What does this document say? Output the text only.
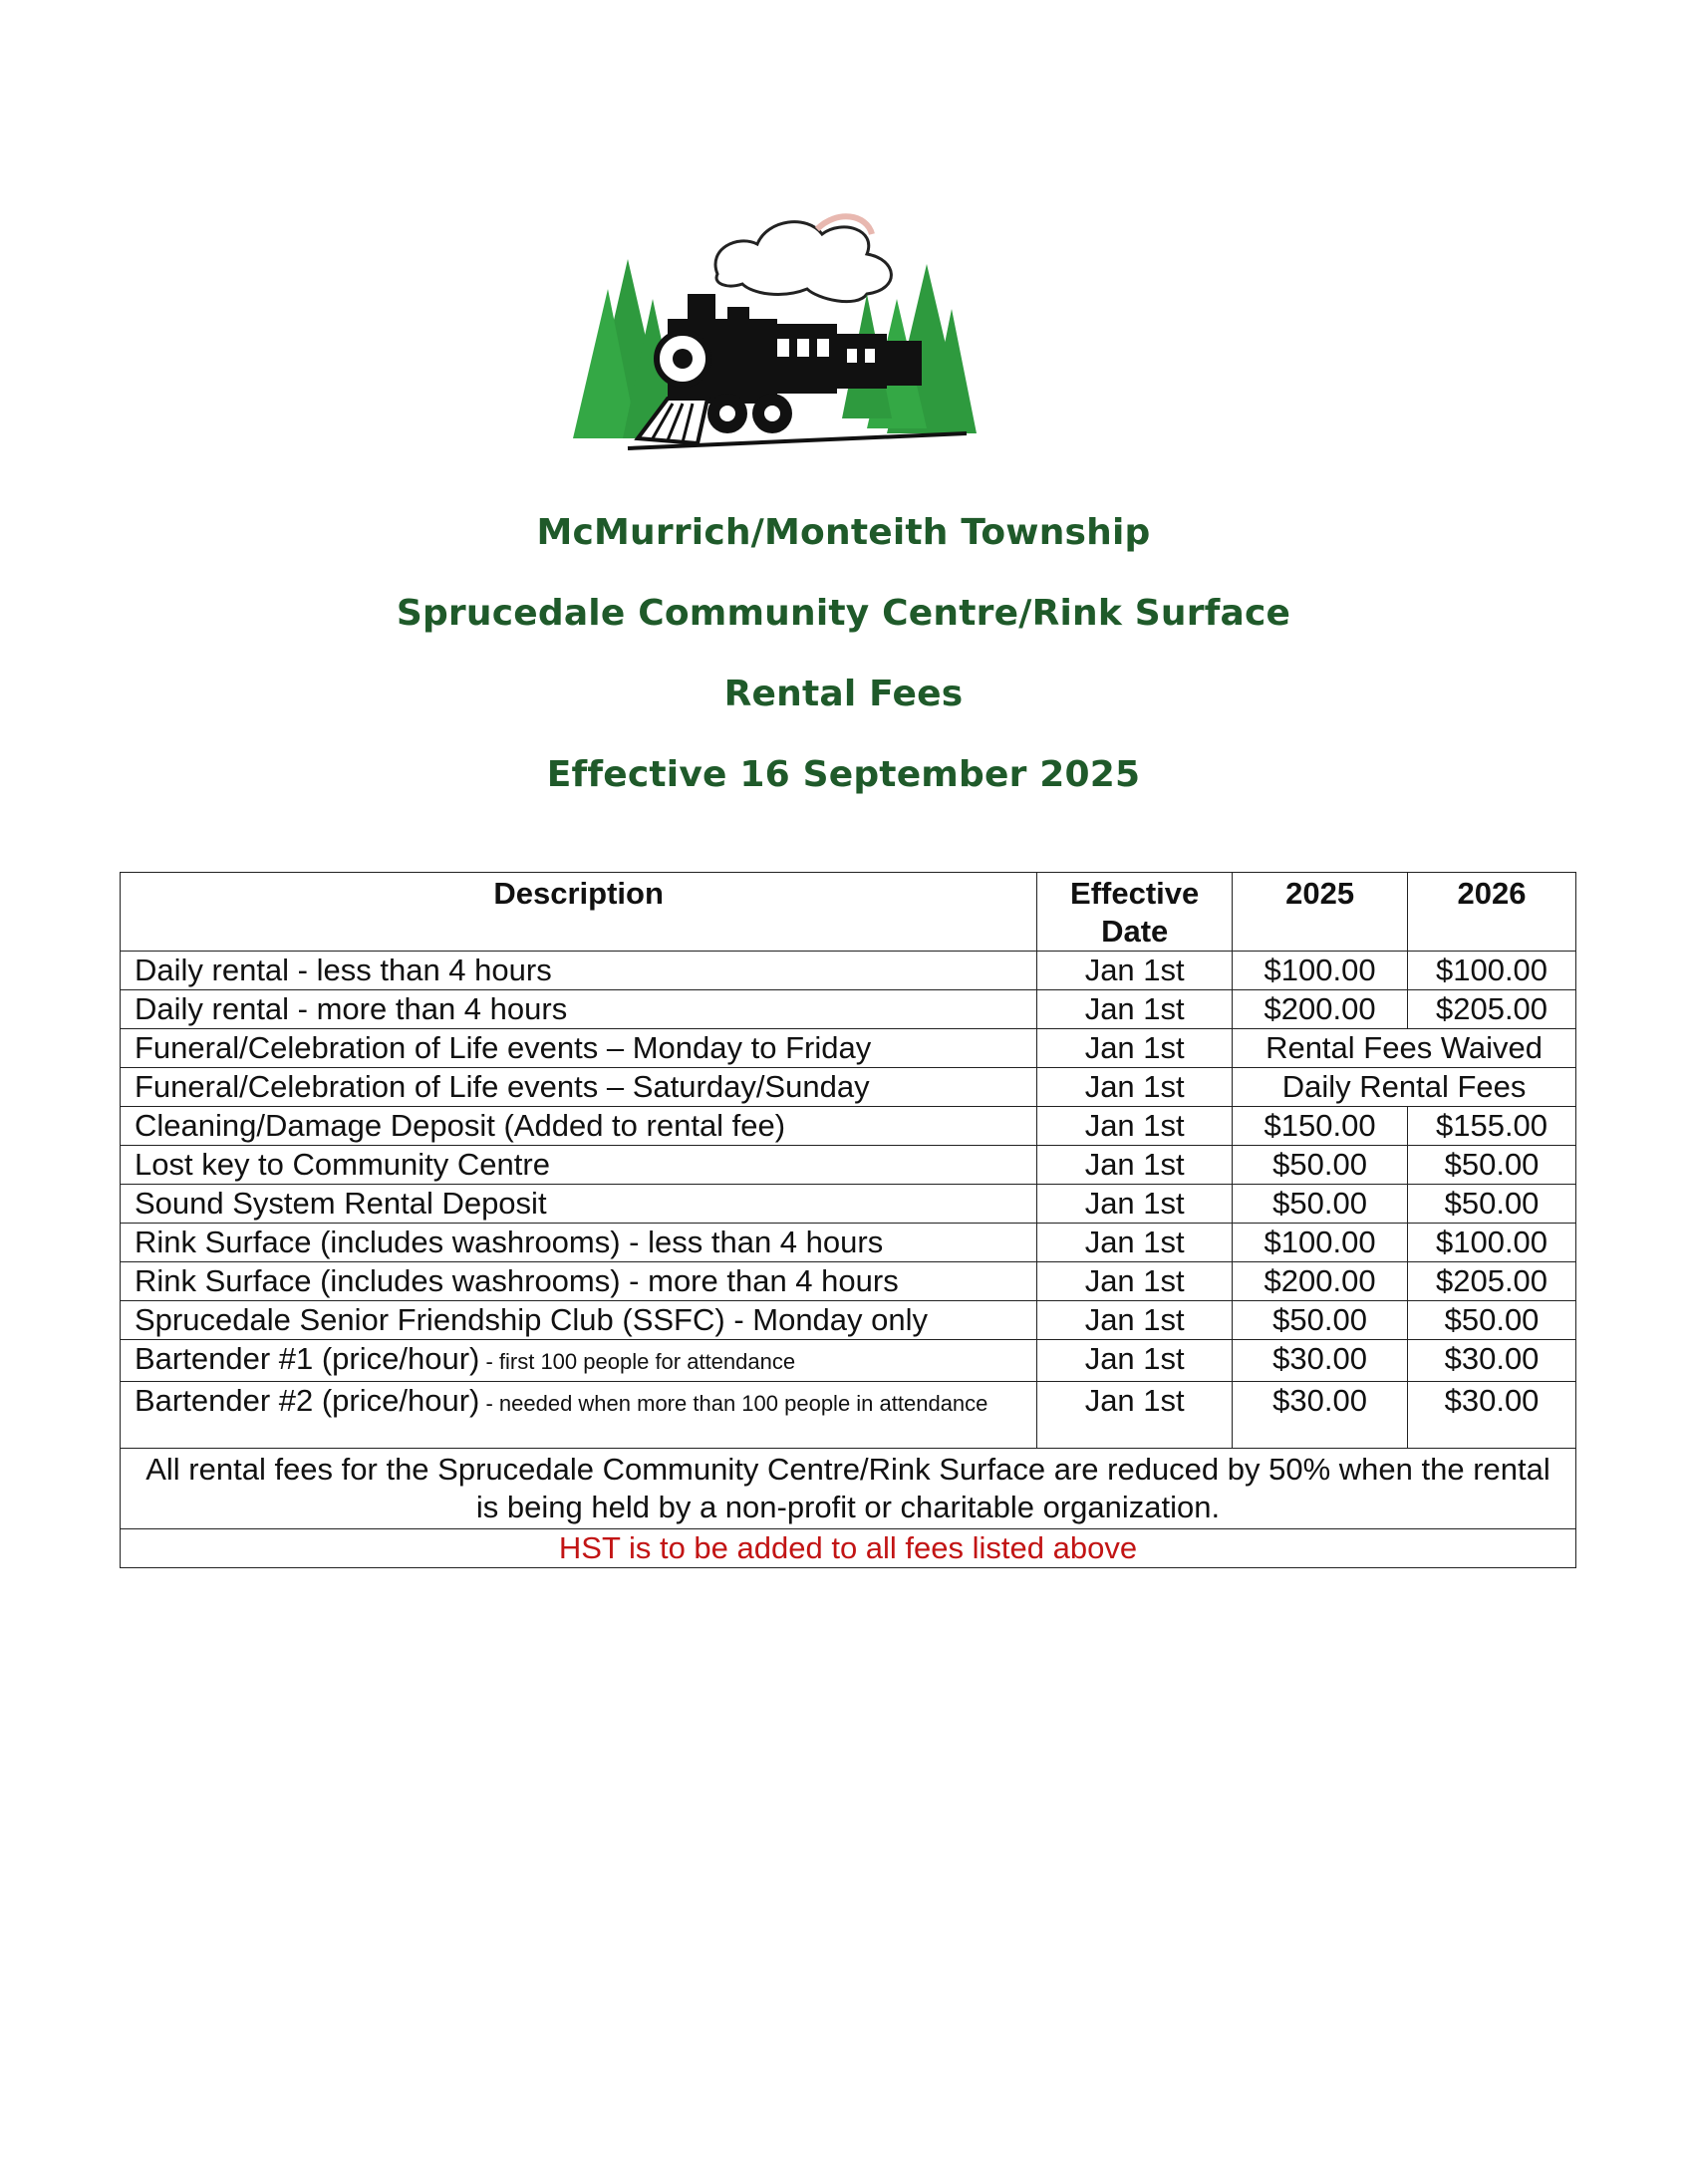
McMurrich/Monteith Township
Sprucedale Community Centre/Rink Surface
Rental Fees
Effective 16 September 2025
Description	Effective Date	2025	2026
Daily rental - less than 4 hours	Jan 1st	$100.00	$100.00
Daily rental - more than 4 hours	Jan 1st	$200.00	$205.00
Funeral/Celebration of Life events – Monday to Friday	Jan 1st	Rental Fees Waived	
Funeral/Celebration of Life events – Saturday/Sunday	Jan 1st	Daily Rental Fees	
Cleaning/Damage Deposit (Added to rental fee)	Jan 1st	$150.00	$155.00
Lost key to Community Centre	Jan 1st	$50.00	$50.00
Sound System Rental Deposit	Jan 1st	$50.00	$50.00
Rink Surface (includes washrooms) - less than 4 hours	Jan 1st	$100.00	$100.00
Rink Surface (includes washrooms) - more than 4 hours	Jan 1st	$200.00	$205.00
Sprucedale Senior Friendship Club (SSFC) - Monday only	Jan 1st	$50.00	$50.00
Bartender #1 (price/hour) - first 100 people for attendance	Jan 1st	$30.00	$30.00
Bartender #2 (price/hour) - needed when more than 100 people in attendance	Jan 1st	$30.00	$30.00
All rental fees for the Sprucedale Community Centre/Rink Surface are reduced by 50% when the rental is being held by a non-profit or charitable organization.			
HST is to be added to all fees listed above			
